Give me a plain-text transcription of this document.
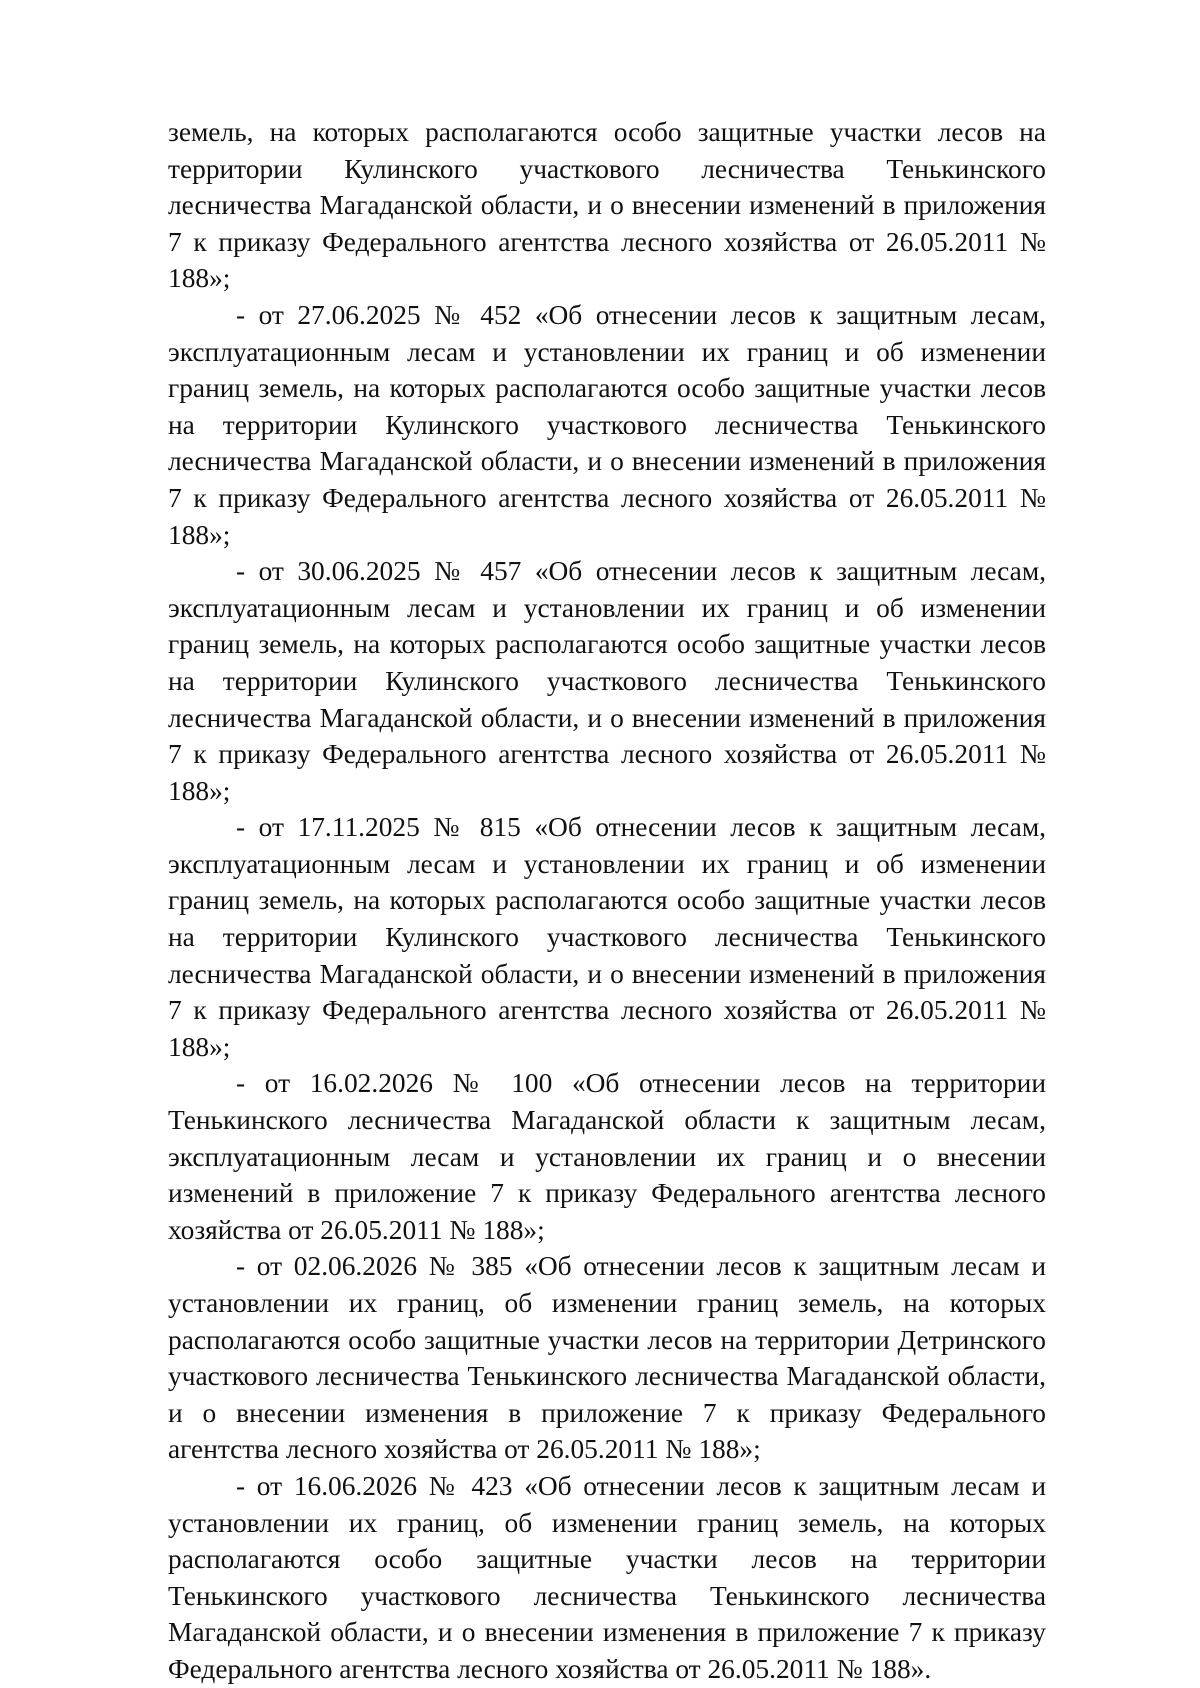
земель, на которых располагаются особо защитные участки лесов на территории Кулинского участкового лесничества Тенькинского лесничества Магаданской области, и о внесении изменений в приложения 7 к приказу Федерального агентства лесного хозяйства от 26.05.2011 № 188»;

- от 27.06.2025 № 452 «Об отнесении лесов к защитным лесам, эксплуатационным лесам и установлении их границ и об изменении границ земель, на которых располагаются особо защитные участки лесов на территории Кулинского участкового лесничества Тенькинского лесничества Магаданской области, и о внесении изменений в приложения 7 к приказу Федерального агентства лесного хозяйства от 26.05.2011 № 188»;

- от 30.06.2025 № 457 «Об отнесении лесов к защитным лесам, эксплуатационным лесам и установлении их границ и об изменении границ земель, на которых располагаются особо защитные участки лесов на территории Кулинского участкового лесничества Тенькинского лесничества Магаданской области, и о внесении изменений в приложения 7 к приказу Федерального агентства лесного хозяйства от 26.05.2011 № 188»;

- от 17.11.2025 № 815 «Об отнесении лесов к защитным лесам, эксплуатационным лесам и установлении их границ и об изменении границ земель, на которых располагаются особо защитные участки лесов на территории Кулинского участкового лесничества Тенькинского лесничества Магаданской области, и о внесении изменений в приложения 7 к приказу Федерального агентства лесного хозяйства от 26.05.2011 № 188»;

- от 16.02.2026 № 100 «Об отнесении лесов на территории Тенькинского лесничества Магаданской области к защитным лесам, эксплуатационным лесам и установлении их границ и о внесении изменений в приложение 7 к приказу Федерального агентства лесного хозяйства от 26.05.2011 № 188»;

- от 02.06.2026 № 385 «Об отнесении лесов к защитным лесам и установлении их границ, об изменении границ земель, на которых располагаются особо защитные участки лесов на территории Детринского участкового лесничества Тенькинского лесничества Магаданской области, и о внесении изменения в приложение 7 к приказу Федерального агентства лесного хозяйства от 26.05.2011 № 188»;

- от 16.06.2026 № 423 «Об отнесении лесов к защитным лесам и установлении их границ, об изменении границ земель, на которых располагаются особо защитные участки лесов на территории Тенькинского участкового лесничества Тенькинского лесничества Магаданской области, и о внесении изменения в приложение 7 к приказу Федерального агентства лесного хозяйства от 26.05.2011 № 188».
